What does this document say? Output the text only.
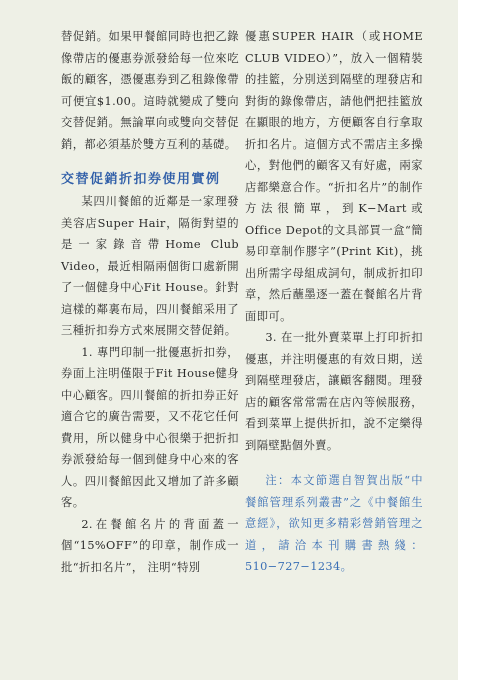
替促銷。如果甲餐館同時也把乙錄像帶店的優惠券派發給每一位來吃飯的顧客，憑優惠券到乙租錄像帶可便宜$1.00。這時就變成了雙向交替促銷。無論單向或雙向交替促銷，都必須基於雙方互利的基礎。

交替促銷折扣券使用實例

某四川餐館的近鄰是一家理發美容店Super Hair，隔街對望的是一家錄音帶Home Club Video，最近相隔兩個街口處新開了一個健身中心Fit House。針對這樣的鄰裏布局，四川餐館采用了三種折扣券方式來展開交替促銷。

1. 專門印制一批優惠折扣券，券面上注明僅限于Fit House健身中心顧客。四川餐館的折扣券正好適合它的廣告需要，又不花它任何費用，所以健身中心很樂于把折扣券派發給每一個到健身中心來的客人。四川餐館因此又增加了許多顧客。

2.在餐館名片的背面蓋一個“15%OFF”的印章，制作成一批“折扣名片”， 注明“特別

優惠SUPER HAIR（或HOME CLUB VIDEO）”，放入一個精裝的挂籃，分別送到隔壁的理發店和對街的錄像帶店，請他們把挂籃放在顯眼的地方，方便顧客自行拿取折扣名片。這個方式不需店主多操心，對他們的顧客又有好處，兩家店都樂意合作。“折扣名片”的制作方法很簡單，到K−Mart或Office Depot的文具部買一盒“簡易印章制作膠字”(Print Kit)，挑出所需字母組成詞句，制成折扣印章，然后蘸墨逐一蓋在餐館名片背面即可。

3. 在一批外賣菜單上打印折扣優惠，并注明優惠的有效日期，送到隔壁理發店，讓顧客翻閱。理發店的顧客常常需在店內等候服務，看到菜單上提供折扣，說不定樂得到隔壁點個外賣。

注：本文節選自智賀出版“中餐館管理系列叢書”之《中餐館生意經》，欲知更多精彩營銷管理之道，請洽本刊購書熱綫：510−727−1234。
